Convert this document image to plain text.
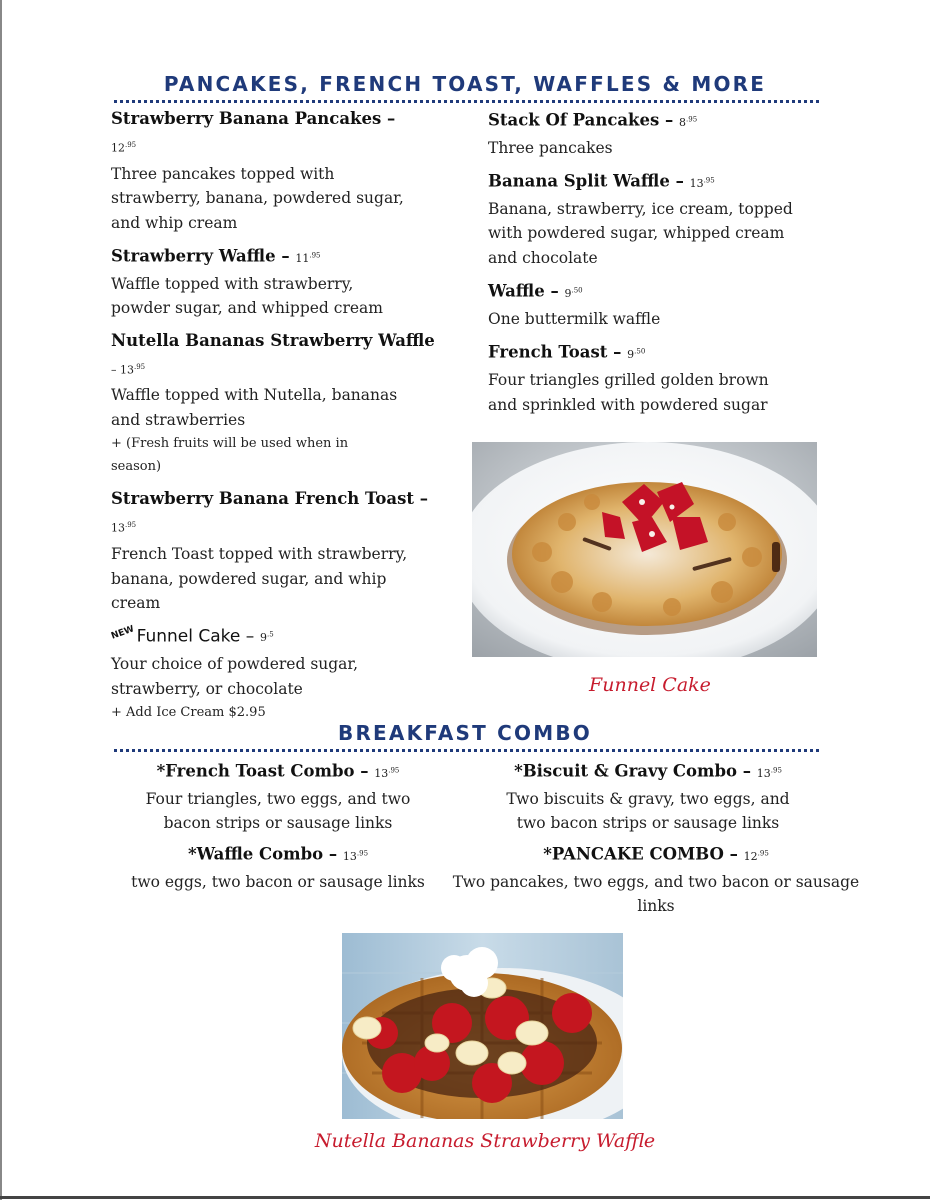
PANCAKES, FRENCH TOAST, WAFFLES & MORE
Strawberry Banana Pancakes –
$12^{.95}$
Three pancakes topped with
strawberry, banana, powdered sugar,
and whip cream
Strawberry Waffle – $11^{.95}$
Waffle topped with strawberry,
powder sugar, and whipped cream
Nutella Bananas Strawberry Waffle
– $13^{.95}$
Waffle topped with Nutella, bananas
and strawberries
+ (Fresh fruits will be used when in
season)
Strawberry Banana French Toast –
$13^{.95}$
French Toast topped with strawberry,
banana, powdered sugar, and whip
cream
NEWFunnel Cake – $9^{.5}$
Your choice of powdered sugar,
strawberry, or chocolate
+ Add Ice Cream $2.95
Stack Of Pancakes – $8^{.95}$
Three pancakes
Banana Split Waffle – $13^{.95}$
Banana, strawberry, ice cream, topped
with powdered sugar, whipped cream
and chocolate
Waffle – $9^{.50}$
One buttermilk waffle
French Toast – $9^{.50}$
Four triangles grilled golden brown
and sprinkled with powdered sugar
Funnel Cake
BREAKFAST COMBO
*French Toast Combo – $13^{.95}$
Four triangles, two eggs, and two
bacon strips or sausage links
*Biscuit & Gravy Combo – $13^{.95}$
Two biscuits & gravy, two eggs, and
two bacon strips or sausage links
*Waffle Combo – $13^{.95}$
two eggs, two bacon or sausage links
*PANCAKE COMBO – $12^{.95}$
Two pancakes, two eggs, and two bacon or sausage links
Nutella Bananas Strawberry Waffle
